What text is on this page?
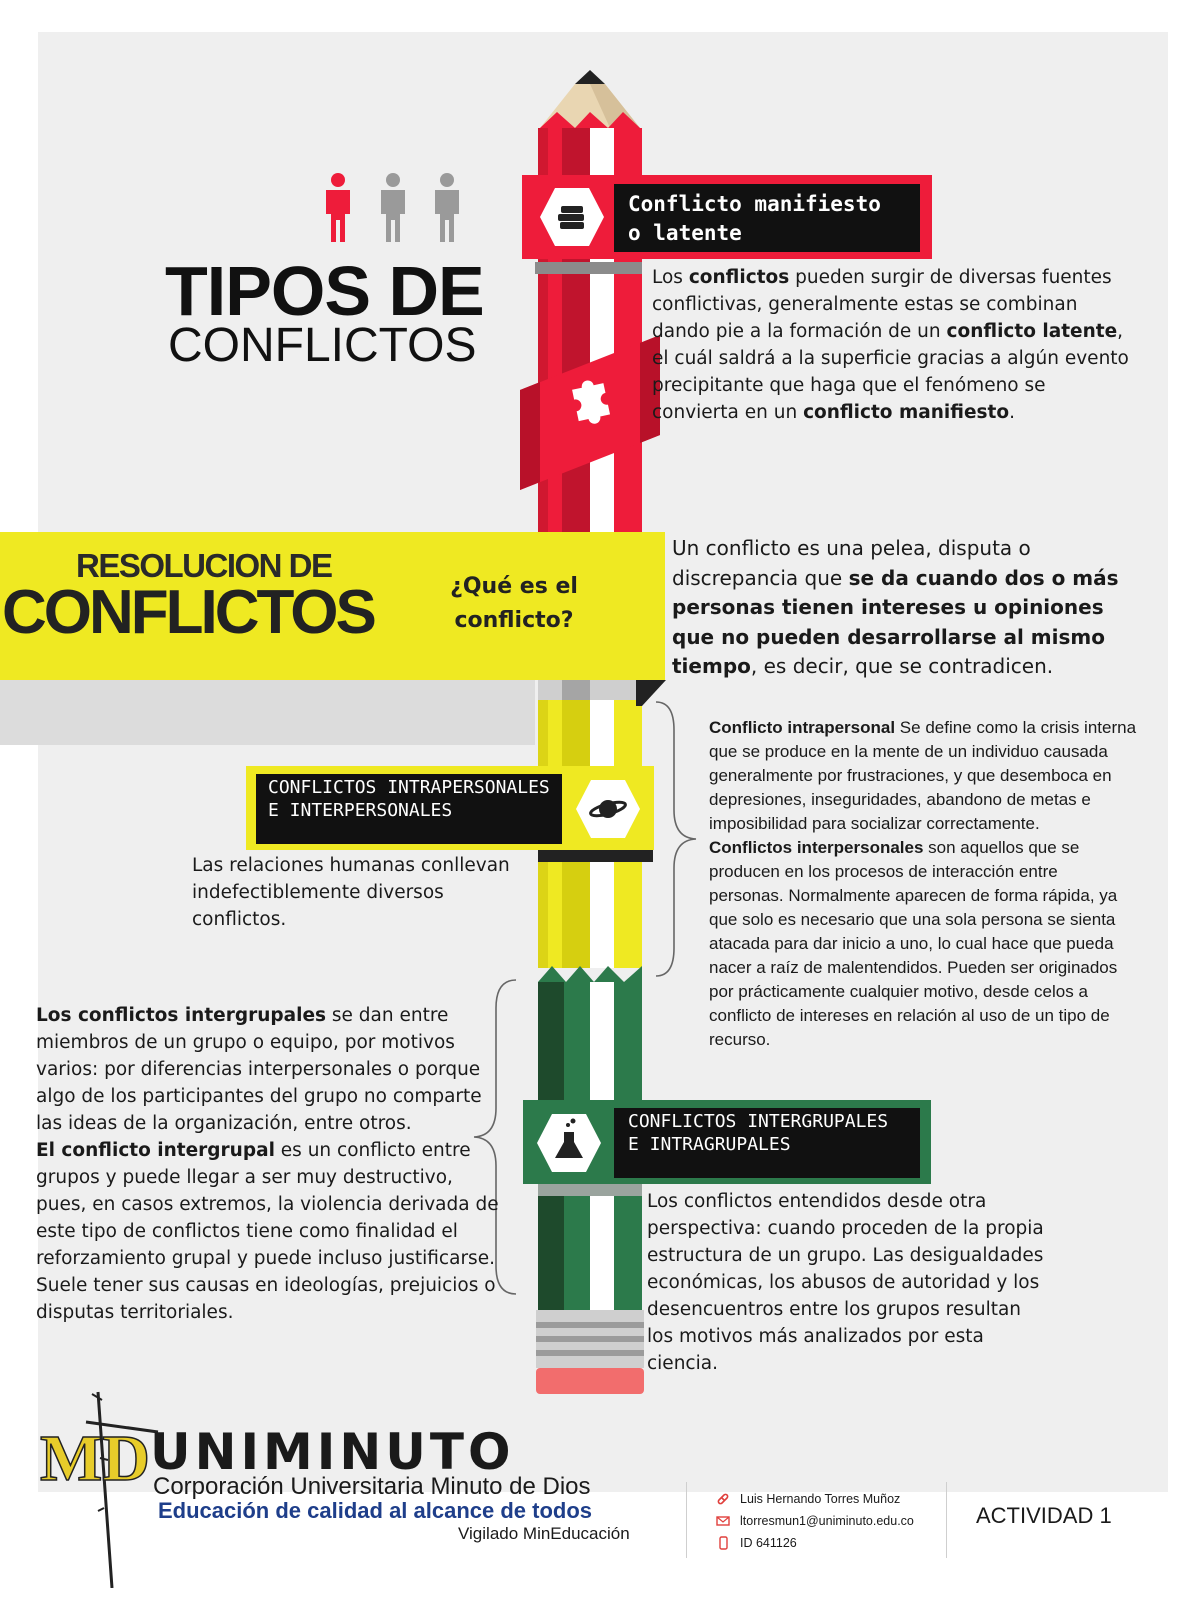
TIPOS DE
CONFLICTOS
Conflicto manifiesto o latente
Los conflictos pueden surgir de diversas fuentes conflictivas, generalmente estas se combinan dando pie a la formación de un conflicto latente, el cuál saldrá a la superficie gracias a algún evento precipitante que haga que el fenómeno se convierta en un conflicto manifiesto.
RESOLUCION DE
CONFLICTOS	¿Qué es el conflicto?
Un conflicto es una pelea, disputa o discrepancia que se da cuando dos o más personas tienen intereses u opiniones que no pueden desarrollarse al mismo tiempo, es decir, que se contradicen.
CONFLICTOS INTRAPERSONALES E INTERPERSONALES
Las relaciones humanas conllevan indefectiblemente diversos conflictos.
Conflicto intrapersonal Se define como la crisis interna que se produce en la mente de un individuo causada generalmente por frustraciones, y que desemboca en depresiones, inseguridades, abandono de metas e imposibilidad para socializar correctamente.
Conflictos interpersonales son aquellos que se producen en los procesos de interacción entre personas. Normalmente aparecen de forma rápida, ya que solo es necesario que una sola persona se sienta atacada para dar inicio a uno, lo cual hace que pueda nacer a raíz de malentendidos. Pueden ser originados por prácticamente cualquier motivo, desde celos a conflicto de intereses en relación al uso de un tipo de recurso.
Los conflictos intergrupales se dan entre miembros de un grupo o equipo, por motivos varios: por diferencias interpersonales o porque algo de los participantes del grupo no comparte las ideas de la organización, entre otros.
El conflicto intergrupal es un conflicto entre grupos y puede llegar a ser muy destructivo, pues, en casos extremos, la violencia derivada de este tipo de conflictos tiene como finalidad el reforzamiento grupal y puede incluso justificarse. Suele tener sus causas en ideologías, prejuicios o disputas territoriales.
CONFLICTOS INTERGRUPALES E INTRAGRUPALES
Los conflictos entendidos desde otra perspectiva: cuando proceden de la propia estructura de un grupo. Las desigualdades económicas, los abusos de autoridad y los desencuentros entre los grupos resultan los motivos más analizados por esta ciencia.
MD UNIMINUTO
Corporación Universitaria Minuto de Dios
Educación de calidad al alcance de todos
Vigilado MinEducación
Luis Hernando Torres Muñoz
ltorresmun1@uniminuto.edu.co
ID 641126
ACTIVIDAD 1
